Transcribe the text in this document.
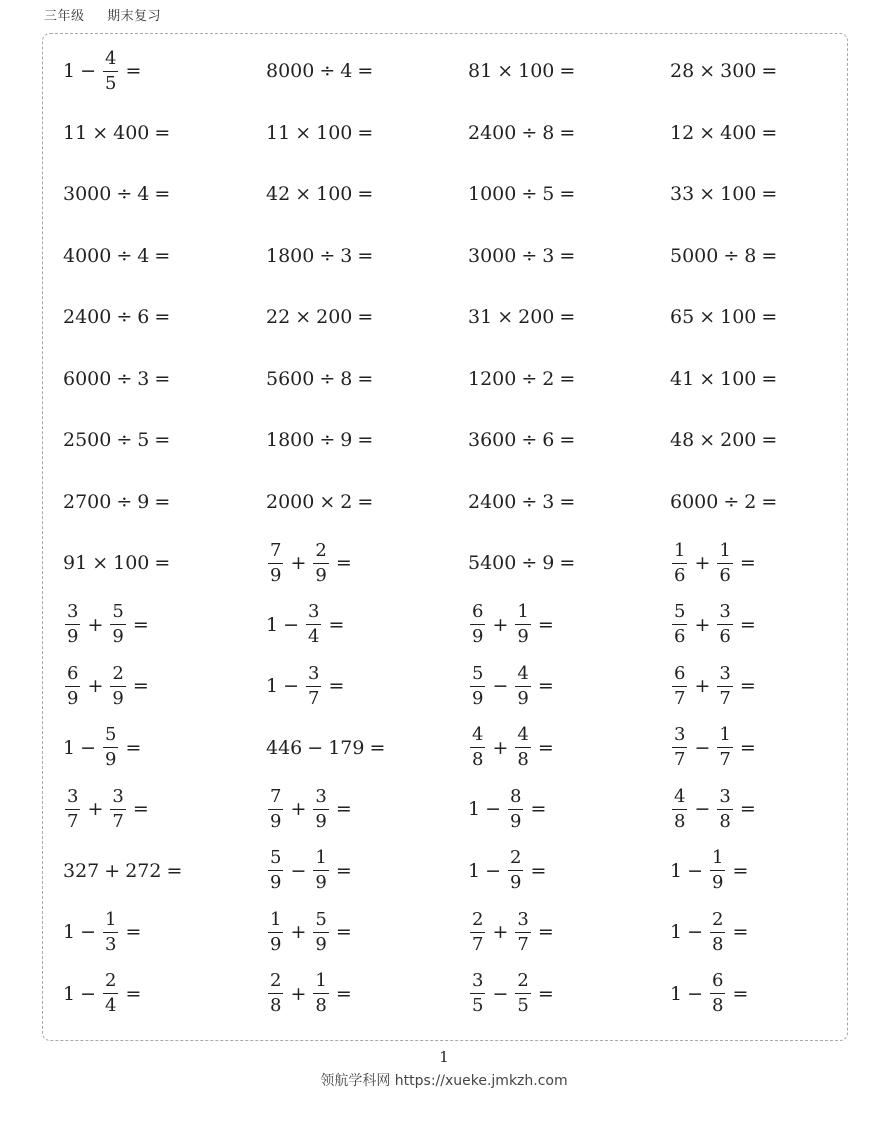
三年级 期末复习
$1 - \frac{4}{5}$ =	8000 ÷ 4 =	81 × 100 =	28 × 300 =
11 × 400 =	11 × 100 =	2400 ÷ 8 =	12 × 400 =
3000 ÷ 4 =	42 × 100 =	1000 ÷ 5 =	33 × 100 =
4000 ÷ 4 =	1800 ÷ 3 =	3000 ÷ 3 =	5000 ÷ 8 =
2400 ÷ 6 =	22 × 200 =	31 × 200 =	65 × 100 =
6000 ÷ 3 =	5600 ÷ 8 =	1200 ÷ 2 =	41 × 100 =
2500 ÷ 5 =	1800 ÷ 9 =	3600 ÷ 6 =	48 × 200 =
2700 ÷ 9 =	2000 × 2 =	2400 ÷ 3 =	6000 ÷ 2 =
91 × 100 =	$\frac{7}{9} + \frac{2}{9}$ =	5400 ÷ 9 =	$\frac{1}{6} + \frac{1}{6}$ =
$\frac{3}{9} + \frac{5}{9}$ =	$1 - \frac{3}{4}$ =	$\frac{6}{9} + \frac{1}{9}$ =	$\frac{5}{6} + \frac{3}{6}$ =
$\frac{6}{9} + \frac{2}{9}$ =	$1 - \frac{3}{7}$ =	$\frac{5}{9} - \frac{4}{9}$ =	$\frac{6}{7} + \frac{3}{7}$ =
$1 - \frac{5}{9}$ =	446 − 179 =	$\frac{4}{8} + \frac{4}{8}$ =	$\frac{3}{7} - \frac{1}{7}$ =
$\frac{3}{7} + \frac{3}{7}$ =	$\frac{7}{9} + \frac{3}{9}$ =	$1 - \frac{8}{9}$ =	$\frac{4}{8} - \frac{3}{8}$ =
327 + 272 =	$\frac{5}{9} - \frac{1}{9}$ =	$1 - \frac{2}{9}$ =	$1 - \frac{1}{9}$ =
$1 - \frac{1}{3}$ =	$\frac{1}{9} + \frac{5}{9}$ =	$\frac{2}{7} + \frac{3}{7}$ =	$1 - \frac{2}{8}$ =
$1 - \frac{2}{4}$ =	$\frac{2}{8} + \frac{1}{8}$ =	$\frac{3}{5} - \frac{2}{5}$ =	$1 - \frac{6}{8}$ =
1
领航学科网 https://xueke.jmkzh.com
